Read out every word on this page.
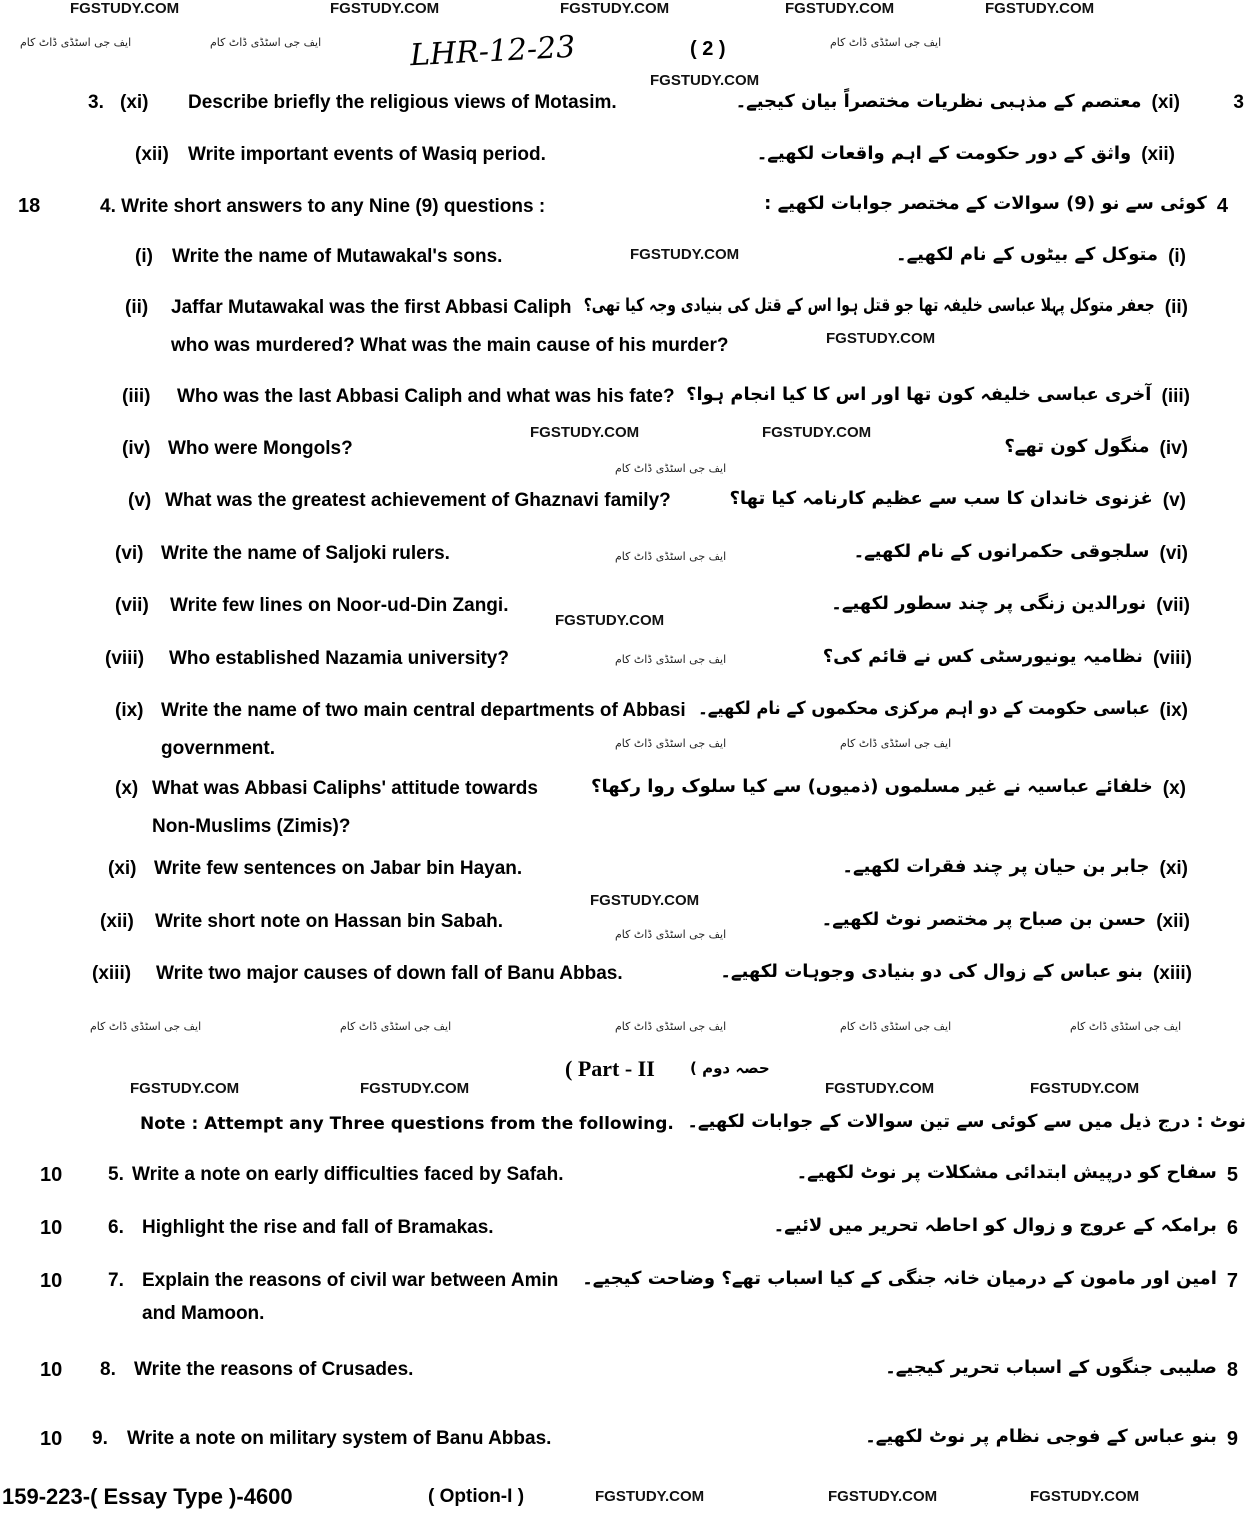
FGSTUDY.COM	FGSTUDY.COM	FGSTUDY.COM	FGSTUDY.COM	FGSTUDY.COM
ایف جی اسٹڈی ڈاٹ کام	ایف جی اسٹڈی ڈاٹ کام	ایف جی اسٹڈی ڈاٹ کام
FGSTUDY.COM
LHR-12-23	( 2 )
3. (xi) Describe briefly the religious views of Motasim.	معتصم کے مذہبی نظریات مختصراً بیان کیجیے۔ (xi)	3
(xii) Write important events of Wasiq period.	واثق کے دور حکومت کے اہم واقعات لکھیے۔ (xii)
18	4. Write short answers to any Nine (9) questions :	کوئی سے نو (9) سوالات کے مختصر جوابات لکھیے : 4
(i) Write the name of Mutawakal's sons.	متوکل کے بیٹوں کے نام لکھیے۔ (i)
(ii) Jaffar Mutawakal was the first Abbasi Caliph
who was murdered? What was the main cause of his murder?
جعفر متوکل پہلا عباسی خلیفہ تھا جو قتل ہوا اس کے قتل کی بنیادی وجہ کیا تھی؟ (ii)
(iii) Who was the last Abbasi Caliph and what was his fate? آخری عباسی خلیفہ کون تھا اور اس کا کیا انجام ہوا؟ (iii)
(iv) Who were Mongols?	منگول کون تھے؟ (iv)
(v) What was the greatest achievement of Ghaznavi family?	غزنوی خاندان کا سب سے عظیم کارنامہ کیا تھا؟ (v)
(vi) Write the name of Saljoki rulers.	سلجوقی حکمرانوں کے نام لکھیے۔ (vi)
(vii) Write few lines on Noor-ud-Din Zangi.	نورالدین زنگی پر چند سطور لکھیے۔ (vii)
(viii) Who established Nazamia university?	نظامیہ یونیورسٹی کس نے قائم کی؟ (viii)
(ix) Write the name of two main central departments of Abbasi
government.
عباسی حکومت کے دو اہم مرکزی محکموں کے نام لکھیے۔ (ix)
(x) What was Abbasi Caliphs' attitude towards
Non-Muslims (Zimis)?
خلفائے عباسیہ نے غیر مسلموں (ذمیوں) سے کیا سلوک روا رکھا؟ (x)
(xi) Write few sentences on Jabar bin Hayan.	جابر بن حیان پر چند فقرات لکھیے۔ (xi)
(xii) Write short note on Hassan bin Sabah.	حسن بن صباح پر مختصر نوٹ لکھیے۔ (xii)
(xiii) Write two major causes of down fall of Banu Abbas.	بنو عباس کے زوال کی دو بنیادی وجوہات لکھیے۔ (xiii)
FGSTUDY.COM
FGSTUDY.COM
FGSTUDY.COM	FGSTUDY.COM
FGSTUDY.COM
FGSTUDY.COM
ایف جی اسٹڈی ڈاٹ کام
ایف جی اسٹڈی ڈاٹ کام
ایف جی اسٹڈی ڈاٹ کام	ایف جی اسٹڈی ڈاٹ کام
ایف جی اسٹڈی ڈاٹ کام
ایف جی اسٹڈی ڈاٹ کام
ایف جی اسٹڈی ڈاٹ کام	ایف جی اسٹڈی ڈاٹ کام	ایف جی اسٹڈی ڈاٹ کام	ایف جی اسٹڈی ڈاٹ کام	ایف جی اسٹڈی ڈاٹ کام
FGSTUDY.COM	FGSTUDY.COM	FGSTUDY.COM	FGSTUDY.COM
( Part - II حصہ دوم )
Note : Attempt any Three questions from the following. نوٹ : درج ذیل میں سے کوئی سے تین سوالات کے جوابات لکھیے۔
10 5. Write a note on early difficulties faced by Safah.	سفاح کو درپیش ابتدائی مشکلات پر نوٹ لکھیے۔ 5
10 6. Highlight the rise and fall of Bramakas.	برامکہ کے عروج و زوال کو احاطہ تحریر میں لائیے۔ 6
10 7. Explain the reasons of civil war between Amin
and Mamoon.
امین اور مامون کے درمیان خانہ جنگی کے کیا اسباب تھے؟ وضاحت کیجیے۔ 7
10 8. Write the reasons of Crusades.	صلیبی جنگوں کے اسباب تحریر کیجیے۔ 8
10 9. Write a note on military system of Banu Abbas.	بنو عباس کے فوجی نظام پر نوٹ لکھیے۔ 9
159-223-( Essay Type )-4600	( Option-I )	FGSTUDY.COM	FGSTUDY.COM	FGSTUDY.COM
